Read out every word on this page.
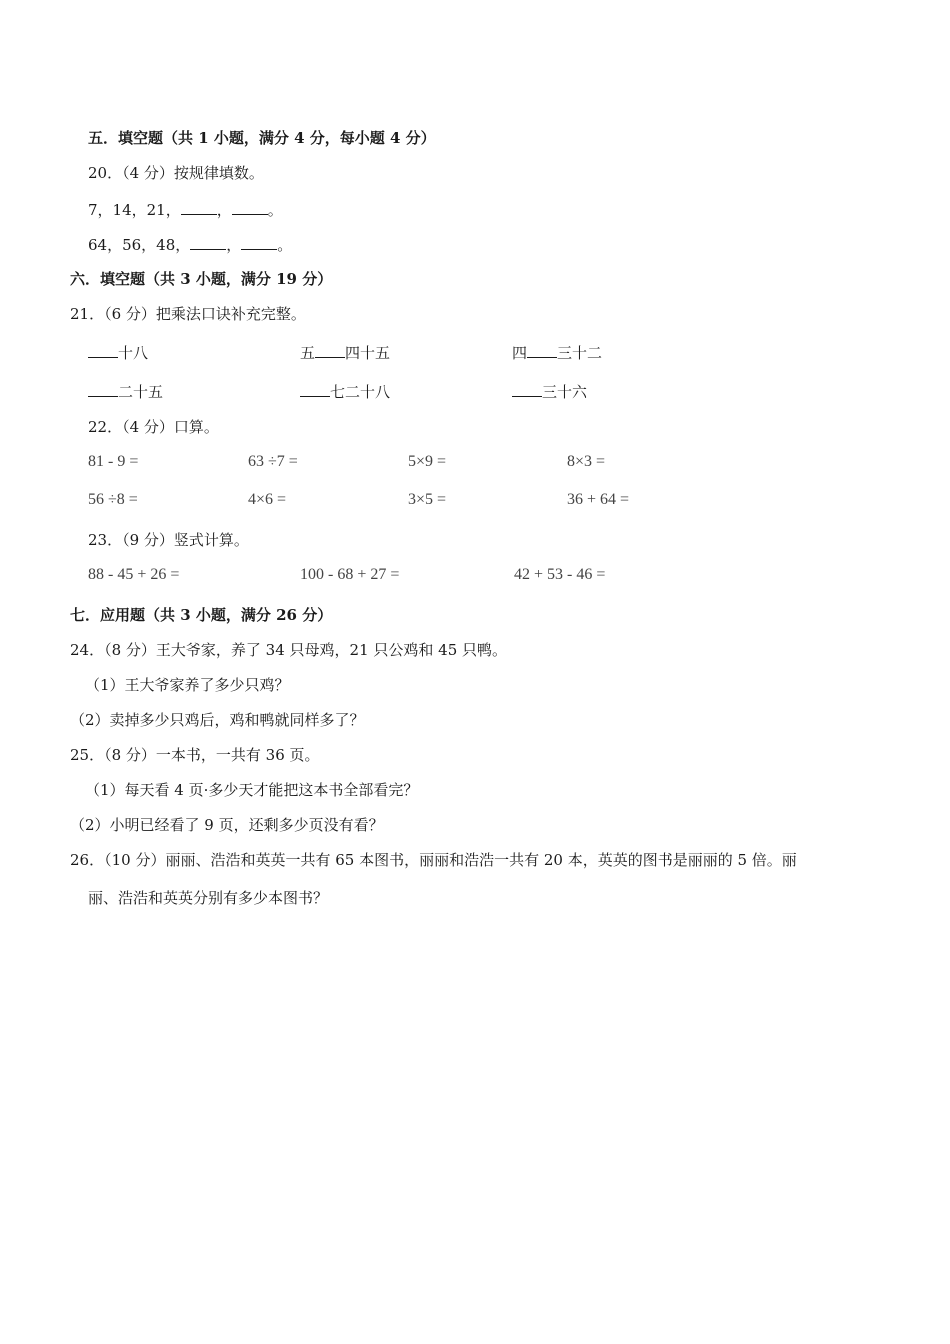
五．填空题（共 1 小题，满分 4 分，每小题 4 分）
20．（4 分）按规律填数。
7，14，21， ， 。
64，56，48， ， 。
六．填空题（共 3 小题，满分 19 分）
21．（6 分）把乘法口诀补充完整。
十八	五 四十五	四 三十二
二十五	七二十八	三十六
22．（4 分）口算。
81 - 9 =	63 ÷7 =	5×9 =	8×3 =
56 ÷8 =	4×6 =	3×5 =	36 + 64 =
23．（9 分）竖式计算。
88 - 45 + 26 =	100 - 68 + 27 =	42 + 53 - 46 =
七．应用题（共 3 小题，满分 26 分）
24．（8 分）王大爷家，养了 34 只母鸡，21 只公鸡和 45 只鸭。
（1）王大爷家养了多少只鸡？
（2）卖掉多少只鸡后，鸡和鸭就同样多了？
25．（8 分）一本书，一共有 36 页。
（1）每天看 4 页·多少天才能把这本书全部看完？
（2）小明已经看了 9 页，还剩多少页没有看？
26．（10 分）丽丽、浩浩和英英一共有 65 本图书，丽丽和浩浩一共有 20 本，英英的图书是丽丽的 5 倍。丽
丽、浩浩和英英分别有多少本图书？
